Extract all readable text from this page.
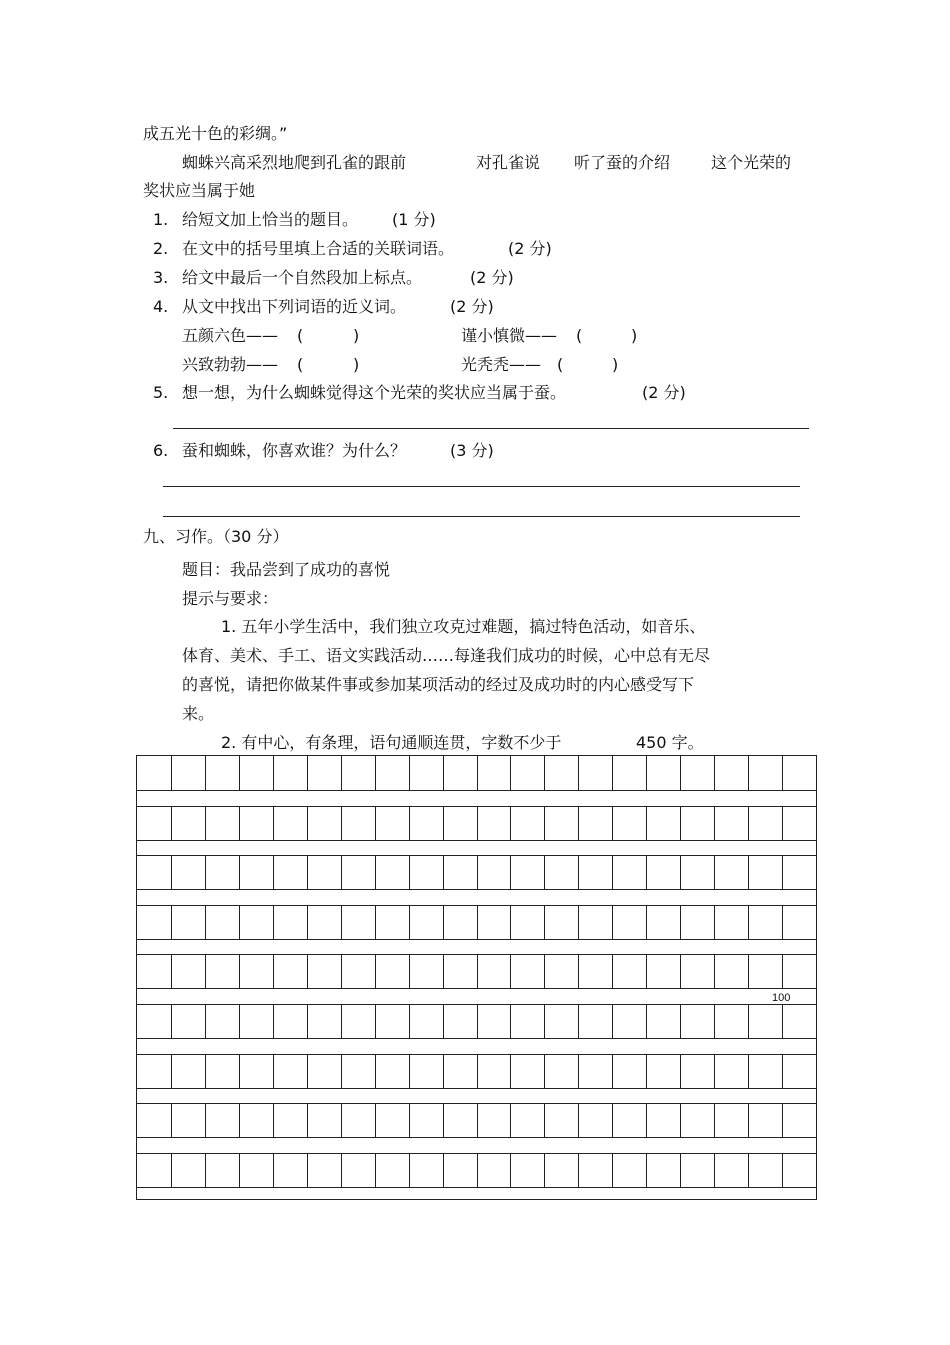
成五光十色的彩绸。”
蜘蛛兴高采烈地爬到孔雀的跟前	对孔雀说 听了蚕的介绍	这个光荣的
奖状应当属于她
1. 给短文加上恰当的题目。 (1 分)
2. 在文中的括号里填上合适的关联词语。	(2 分)
3. 给文中最后一个自然段加上标点。	(2 分)
4. 从文中找出下列词语的近义词。	(2 分)
五颜六色—— (	)	谨小慎微—— (	)
兴致勃勃—— (	)	光秃秃—— (	)
5. 想一想，为什么蜘蛛觉得这个光荣的奖状应当属于蚕。	(2 分)
6. 蚕和蜘蛛，你喜欢谁？为什么？	(3 分)
九、习作。（30 分）
题目：我品尝到了成功的喜悦
提示与要求：
1. 五年小学生活中，我们独立攻克过难题，搞过特色活动，如音乐、
体育、美术、手工、语文实践活动……每逢我们成功的时候，心中总有无尽
的喜悦，请把你做某件事或参加某项活动的经过及成功时的内心感受写下
来。
2. 有中心，有条理，语句通顺连贯，字数不少于	450 字。
100
